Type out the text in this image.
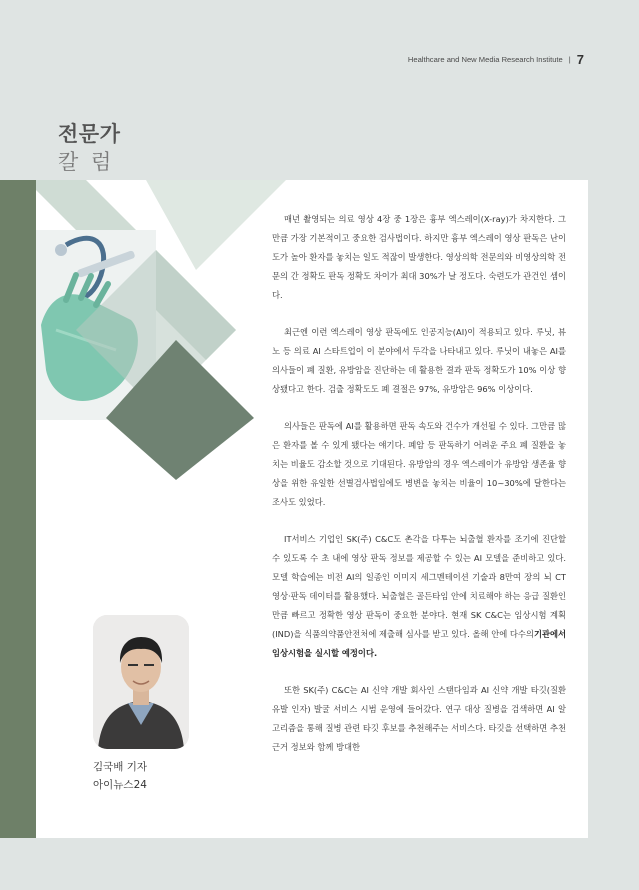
Healthcare and New Media Research Institute | 7
전문가
칼 럼

매년 촬영되는 의료 영상 4장 중 1장은 흉부 엑스레이(X-ray)가 차지한다. 그만큼 가장 기본적이고 중요한 검사법이다. 하지만 흉부 엑스레이 영상 판독은 난이도가 높아 환자를 놓치는 일도 적잖이 발생한다. 영상의학 전문의와 비영상의학 전문의 간 정확도 판독 정확도 차이가 최대 30%가 날 정도다. 숙련도가 관건인 셈이다.

최근엔 이런 엑스레이 영상 판독에도 인공지능(AI)이 적용되고 있다. 루닛, 뷰노 등 의료 AI 스타트업이 이 분야에서 두각을 나타내고 있다. 루닛이 내놓은 AI를 의사들이 폐 질환, 유방암을 진단하는 데 활용한 결과 판독 정확도가 10% 이상 향상됐다고 한다. 검출 정확도도 폐 결절은 97%, 유방암은 96% 이상이다.

의사들은 판독에 AI를 활용하면 판독 속도와 건수가 개선될 수 있다. 그만큼 많은 환자를 볼 수 있게 됐다는 얘기다. 폐암 등 판독하기 어려운 주요 폐 질환을 놓치는 비율도 감소할 것으로 기대된다. 유방암의 경우 엑스레이가 유방암 생존율 향상을 위한 유일한 선별검사법임에도 병변을 놓치는 비율이 10~30%에 달한다는 조사도 있었다.

IT서비스 기업인 SK(주) C&C도 촌각을 다투는 뇌출혈 환자를 조기에 진단할 수 있도록 수 초 내에 영상 판독 정보를 제공할 수 있는 AI 모델을 준비하고 있다. 모델 학습에는 비전 AI의 일종인 이미지 세그멘테이션 기술과 8만여 장의 뇌 CT 영상·판독 데이터를 활용했다. 뇌출혈은 골든타임 안에 치료해야 하는 응급 질환인 만큼 빠르고 정확한 영상 판독이 중요한 분야다. 현재 SK C&C는 임상시험 계획(IND)을 식품의약품안전처에 제출해 심사를 받고 있다. 올해 안에 다수의기관에서 임상시험을 실시할 예정이다.

또한 SK(주) C&C는 AI 신약 개발 회사인 스탠다임과 AI 신약 개발 타깃(질환 유발 인자) 발굴 서비스 시범 운영에 들어갔다. 연구 대상 질병을 검색하면 AI 알고리즘을 통해 질병 관련 타깃 후보를 추천해주는 서비스다. 타깃을 선택하면 추천 근거 정보와 함께 방대한

김국배 기자
아이뉴스24
